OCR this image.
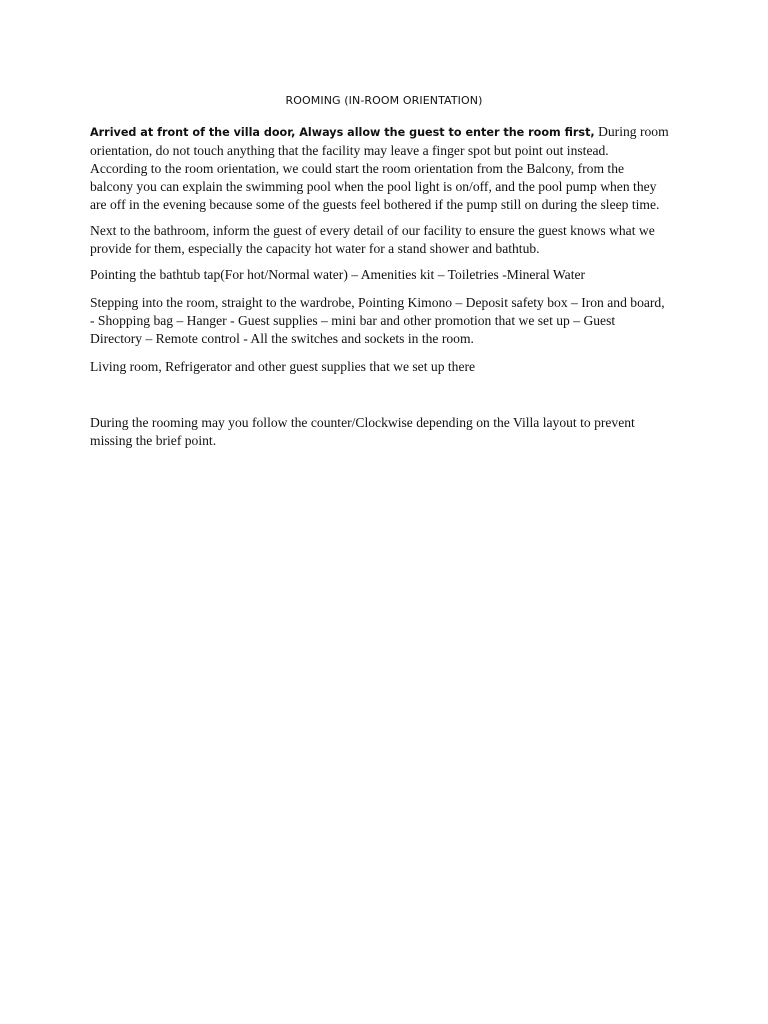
ROOMING (IN-ROOM ORIENTATION)

Arrived at front of the villa door, Always allow the guest to enter the room first, During room

orientation, do not touch anything that the facility may leave a finger spot but point out instead.

According to the room orientation, we could start the room orientation from the Balcony, from the

balcony you can explain the swimming pool when the pool light is on/off, and the pool pump when they

are off in the evening because some of the guests feel bothered if the pump still on during the sleep time.

Next to the bathroom, inform the guest of every detail of our facility to ensure the guest knows what we

provide for them, especially the capacity hot water for a stand shower and bathtub.

Pointing the bathtub tap(For hot/Normal water) – Amenities kit – Toiletries -Mineral Water

Stepping into the room, straight to the wardrobe, Pointing Kimono – Deposit safety box – Iron and board,

- Shopping bag – Hanger - Guest supplies – mini bar and other promotion that we set up – Guest

Directory – Remote control - All the switches and sockets in the room.

Living room, Refrigerator and other guest supplies that we set up there

During the rooming may you follow the counter/Clockwise depending on the Villa layout to prevent

missing the brief point.
